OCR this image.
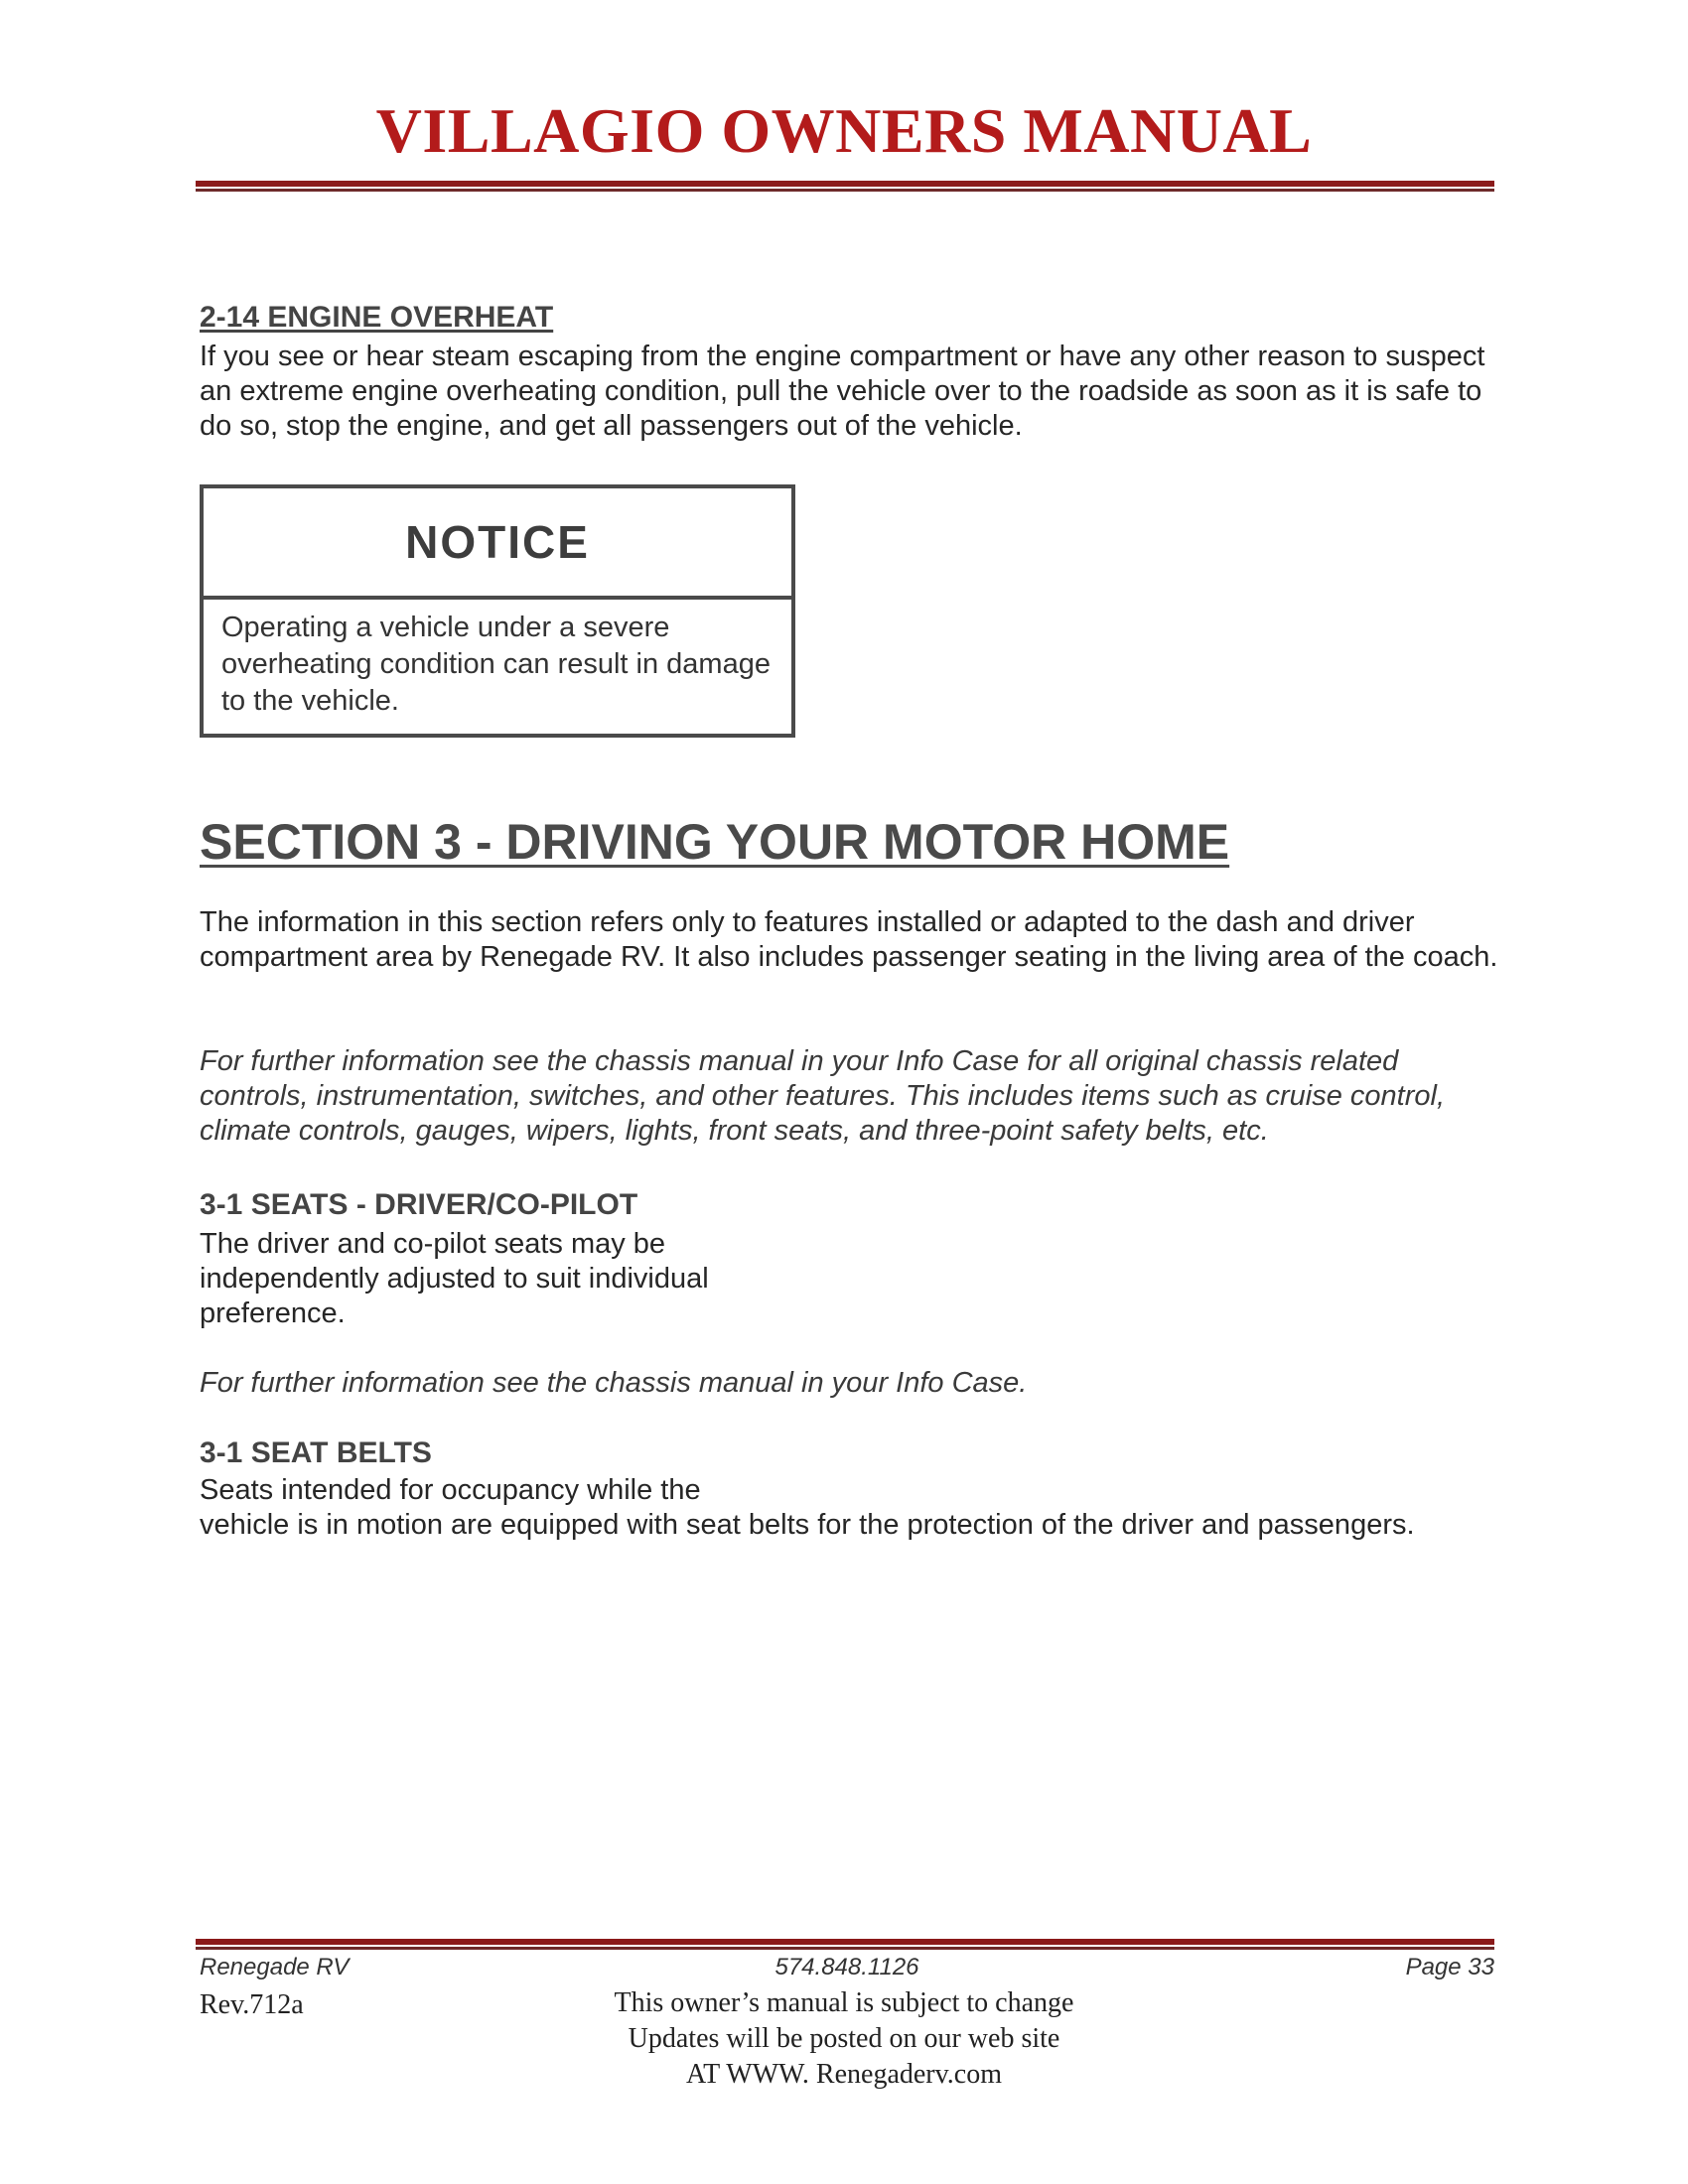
VILLAGIO OWNERS MANUAL
2-14 ENGINE OVERHEAT
If you see or hear steam escaping from the engine compartment or have any other reason to suspect an extreme engine overheating condition, pull the vehicle over to the roadside as soon as it is safe to do so, stop the engine, and get all passengers out of the vehicle.
NOTICE
Operating a vehicle under a severe overheating condition can result in damage to the vehicle.
SECTION 3 - DRIVING YOUR MOTOR HOME
The information in this section refers only to features installed or adapted to the dash and driver compartment area by Renegade RV. It also includes passenger seating in the living area of the coach.
For further information see the chassis manual in your Info Case for all original chassis related controls, instrumentation, switches, and other features. This includes items such as cruise control, climate controls, gauges, wipers, lights, front seats, and three-point safety belts, etc.
3-1 SEATS - DRIVER/CO-PILOT
The driver and co-pilot seats may be independently adjusted to suit individual preference.
For further information see the chassis manual in your Info Case.
3-1 SEAT BELTS
Seats intended for occupancy while the
vehicle is in motion are equipped with seat belts for the protection of the driver and passengers.
Renegade RV	574.848.1126	Page 33
Rev.712a	This owner’s manual is subject to change
Updates will be posted on our web site
AT WWW. Renegaderv.com
